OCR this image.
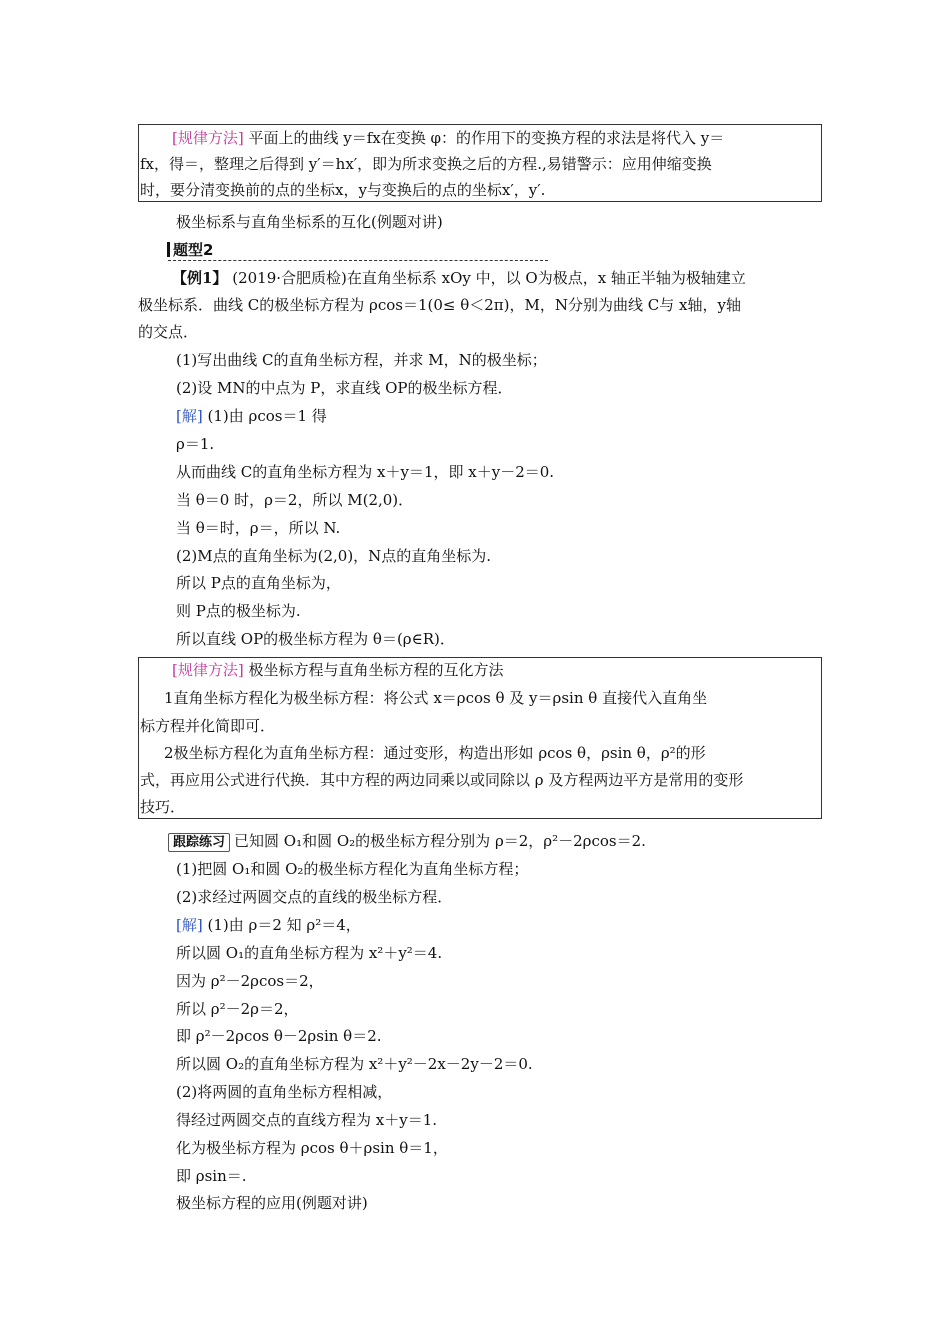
[规律方法] 平面上的曲线 y＝fx在变换 φ：的作用下的变换方程的求法是将代入 y＝
fx，得＝，整理之后得到 y′＝hx′，即为所求变换之后的方程.,易错警示：应用伸缩变换
时，要分清变换前的点的坐标x，y与变换后的点的坐标x′，y′.
极坐标系与直角坐标系的互化(例题对讲)
题型2
【例1】 (2019·合肥质检)在直角坐标系 xOy 中，以 O为极点，x 轴正半轴为极轴建立
极坐标系．曲线 C的极坐标方程为 ρcos＝1(0≤ θ＜2π)，M，N分别为曲线 C与 x轴，y轴
的交点．
(1)写出曲线 C的直角坐标方程，并求 M，N的极坐标；
(2)设 MN的中点为 P，求直线 OP的极坐标方程．
[解] (1)由 ρcos＝1 得
ρ＝1.
从而曲线 C的直角坐标方程为 x＋y＝1，即 x＋y－2＝0.
当 θ＝0 时，ρ＝2，所以 M(2,0)．
当 θ＝时，ρ＝，所以 N.
(2)M点的直角坐标为(2,0)，N点的直角坐标为.
所以 P点的直角坐标为，
则 P点的极坐标为.
所以直线 OP的极坐标方程为 θ＝(ρ∈R)．
[规律方法] 极坐标方程与直角坐标方程的互化方法
1直角坐标方程化为极坐标方程：将公式 x＝ρcos θ 及 y＝ρsin θ 直接代入直角坐
标方程并化简即可．
2极坐标方程化为直角坐标方程：通过变形，构造出形如 ρcos θ，ρsin θ，ρ²的形
式，再应用公式进行代换．其中方程的两边同乘以或同除以 ρ 及方程两边平方是常用的变形
技巧．
跟踪练习 已知圆 O₁和圆 O₂的极坐标方程分别为 ρ＝2，ρ²－2ρcos＝2.
(1)把圆 O₁和圆 O₂的极坐标方程化为直角坐标方程；
(2)求经过两圆交点的直线的极坐标方程．
[解] (1)由 ρ＝2 知 ρ²＝4，
所以圆 O₁的直角坐标方程为 x²＋y²＝4.
因为 ρ²－2ρcos＝2，
所以 ρ²－2ρ＝2，
即 ρ²－2ρcos θ－2ρsin θ＝2.
所以圆 O₂的直角坐标方程为 x²＋y²－2x－2y－2＝0.
(2)将两圆的直角坐标方程相减，
得经过两圆交点的直线方程为 x＋y＝1.
化为极坐标方程为 ρcos θ＋ρsin θ＝1，
即 ρsin＝.
极坐标方程的应用(例题对讲)
